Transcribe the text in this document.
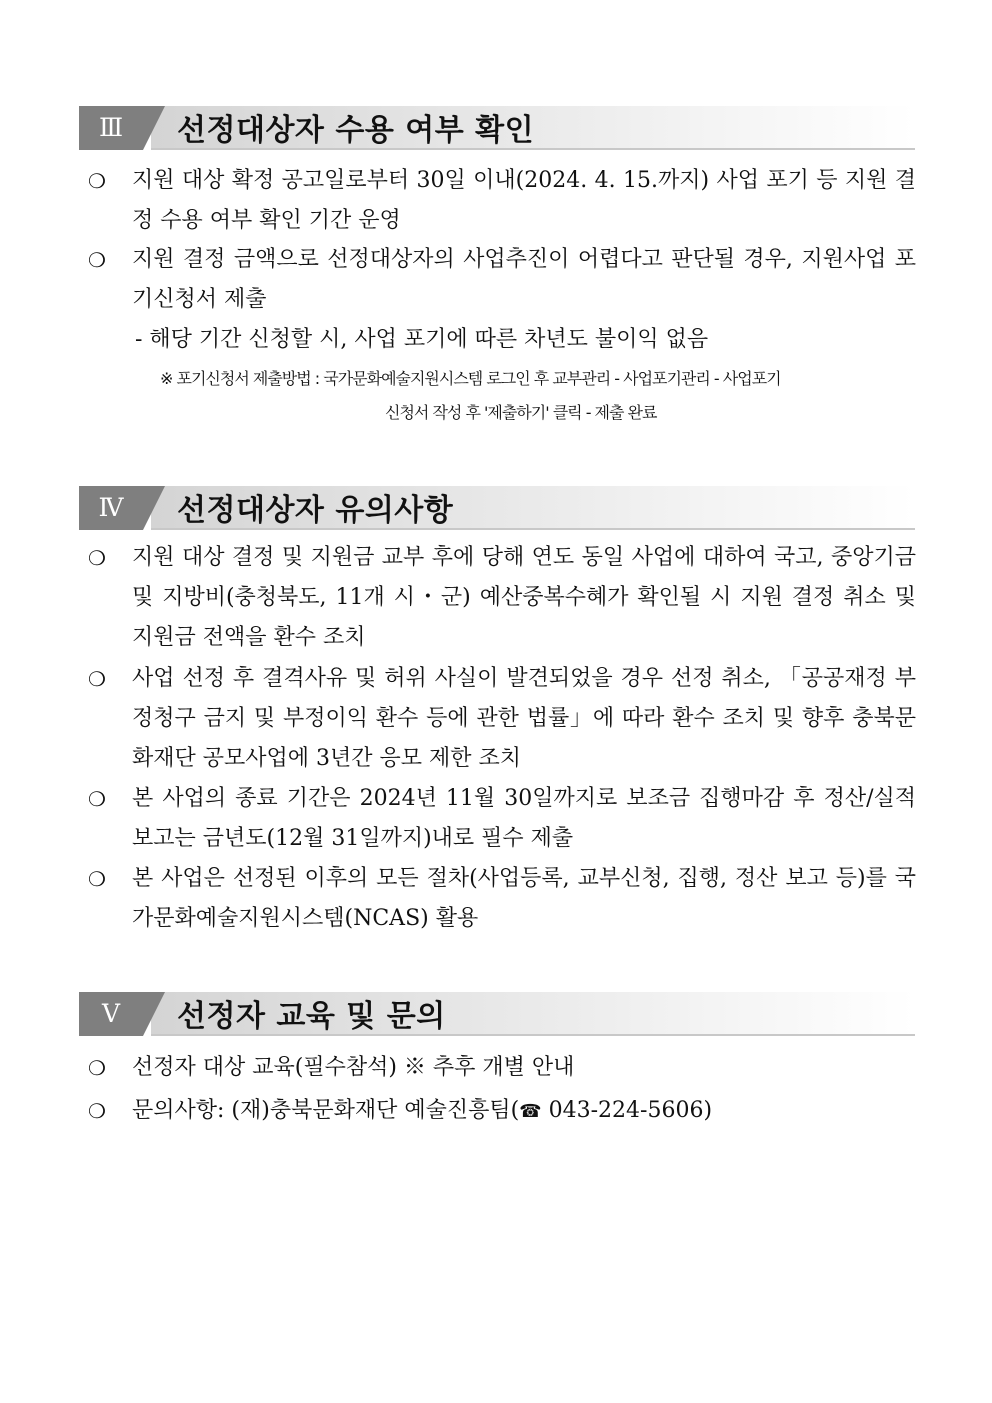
Ⅲ	선정대상자 수용 여부 확인
❍ 지원 대상 확정 공고일로부터 30일 이내(2024. 4. 15.까지) 사업 포기 등 지원 결정 수용 여부 확인 기간 운영
❍ 지원 결정 금액으로 선정대상자의 사업추진이 어렵다고 판단될 경우, 지원사업 포기신청서 제출
- 해당 기간 신청할 시, 사업 포기에 따른 차년도 불이익 없음
※ 포기신청서 제출방법 : 국가문화예술지원시스템 로그인 후 교부관리 - 사업포기관리 - 사업포기
신청서 작성 후 '제출하기' 클릭 - 제출 완료
Ⅳ	선정대상자 유의사항
❍ 지원 대상 결정 및 지원금 교부 후에 당해 연도 동일 사업에 대하여 국고, 중앙기금 및 지방비(충청북도, 11개 시・군) 예산중복수혜가 확인될 시 지원 결정 취소 및 지원금 전액을 환수 조치
❍ 사업 선정 후 결격사유 및 허위 사실이 발견되었을 경우 선정 취소, 「공공재정 부정청구 금지 및 부정이익 환수 등에 관한 법률」에 따라 환수 조치 및 향후 충북문화재단 공모사업에 3년간 응모 제한 조치
❍ 본 사업의 종료 기간은 2024년 11월 30일까지로 보조금 집행마감 후 정산/실적보고는 금년도(12월 31일까지)내로 필수 제출
❍ 본 사업은 선정된 이후의 모든 절차(사업등록, 교부신청, 집행, 정산 보고 등)를 국가문화예술지원시스템(NCAS) 활용
Ⅴ	선정자 교육 및 문의
❍ 선정자 대상 교육(필수참석) ※ 추후 개별 안내
❍ 문의사항: (재)충북문화재단 예술진흥팀(☎ 043-224-5606)
